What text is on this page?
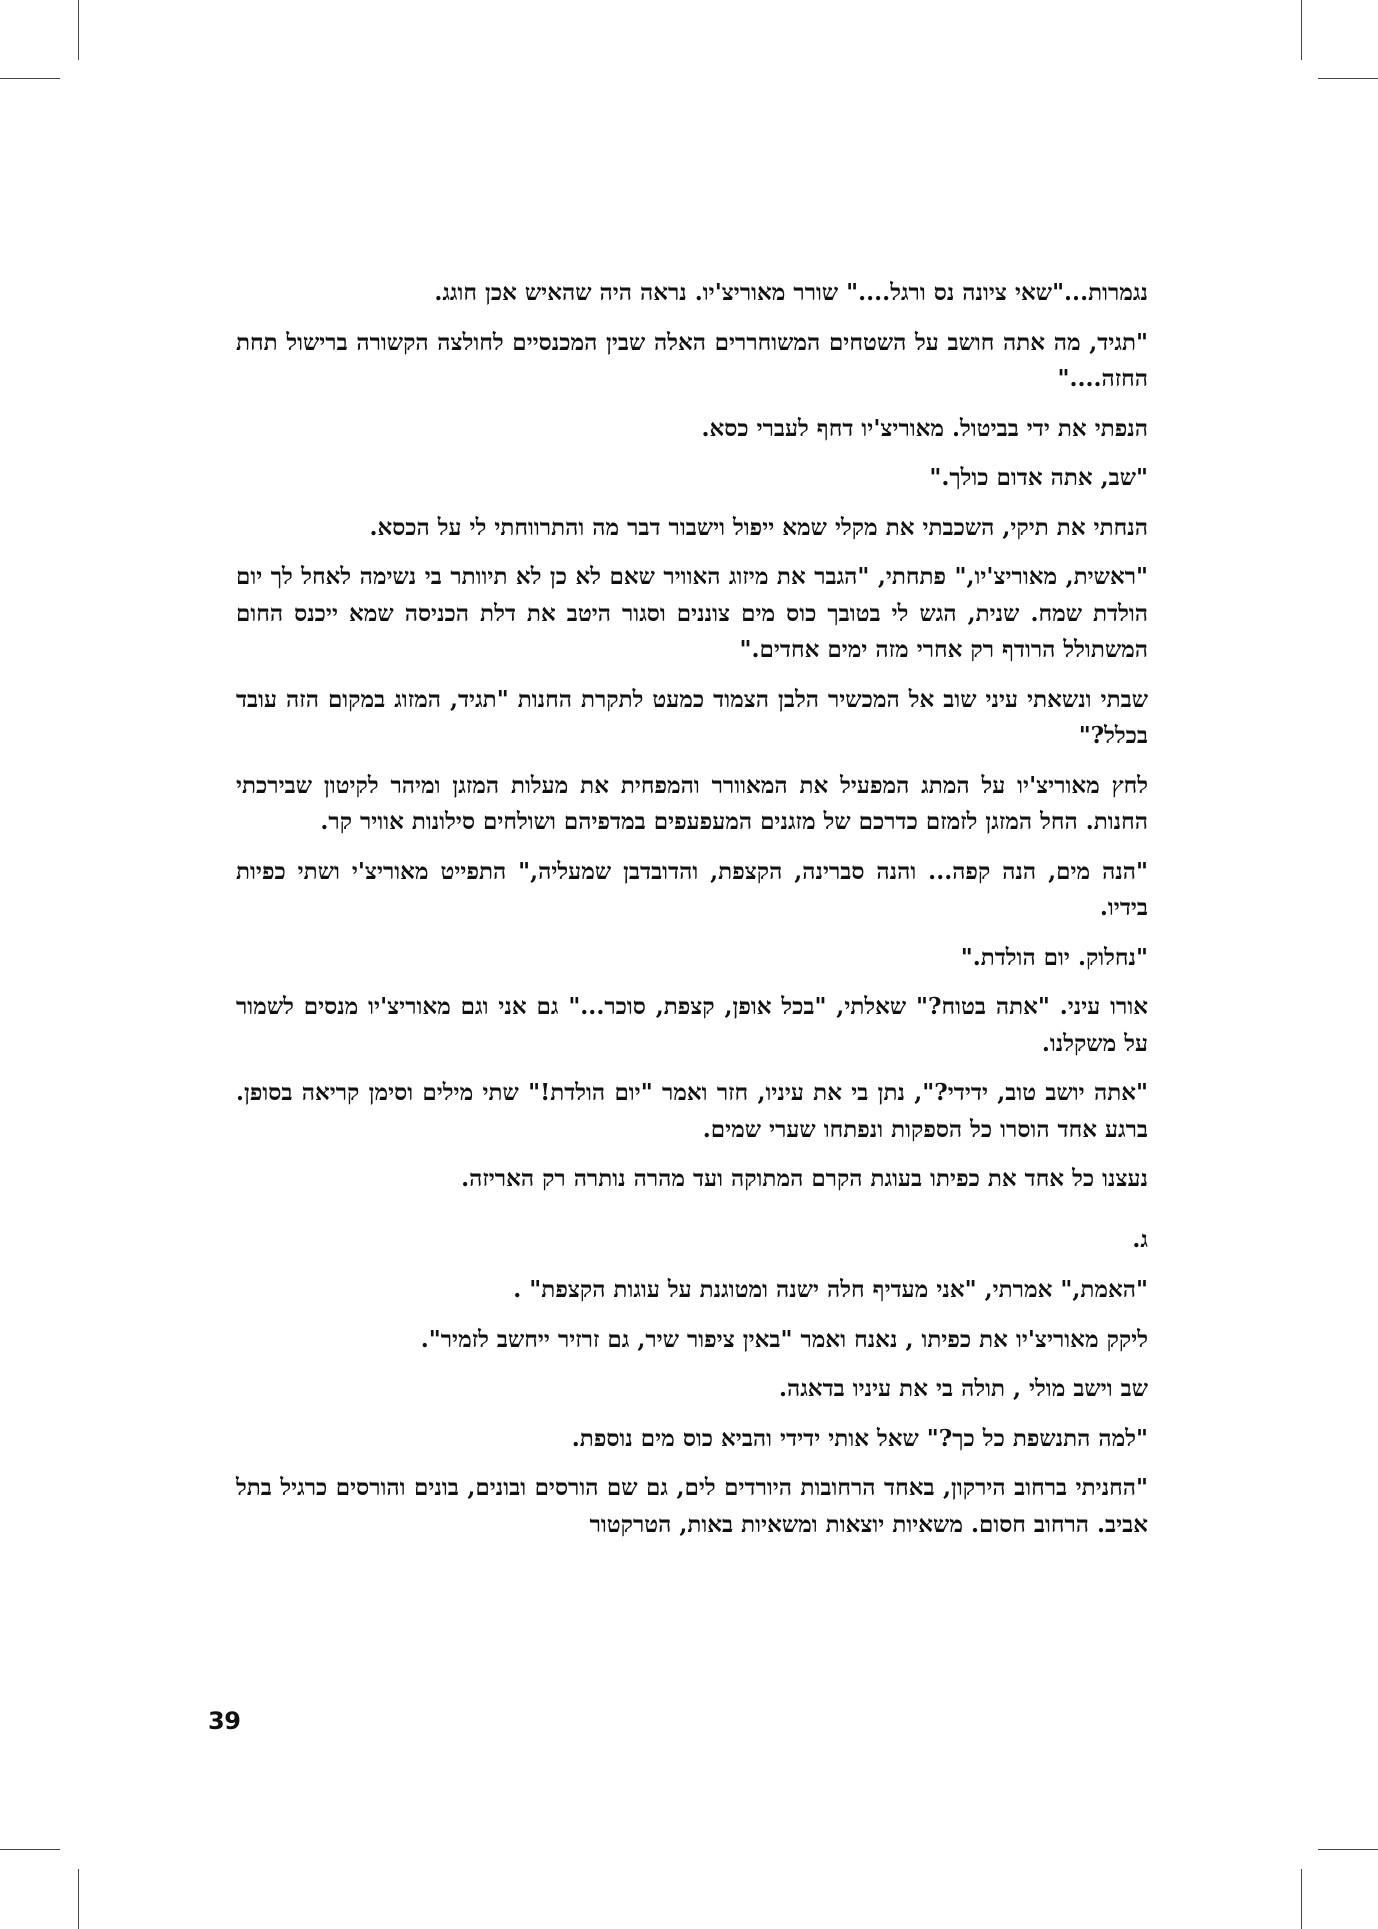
נגמרות..."שאי ציונה נס ורגל...." שורר מאוריצ'יו. נראה היה שהאיש אכן חוגג.

"תגיד, מה אתה חושב על השטחים המשוחררים האלה שבין המכנסיים לחולצה הקשורה ברישול תחת החזה...."

הנפתי את ידי בביטול. מאוריצ'יו דחף לעברי כסא.

"שב, אתה אדום כולך."

הנחתי את תיקי, השכבתי את מקלי שמא ייפול וישבור דבר מה והתרווחתי לי על הכסא.

"ראשית, מאוריצ'יו," פתחתי, "הגבר את מיזוג האוויר שאם לא כן לא תיוותר בי נשימה לאחל לך יום הולדת שמח. שנית, הגש לי בטובך כוס מים צוננים וסגור היטב את דלת הכניסה שמא ייכנס החום המשתולל הרודף רק אחרי מזה ימים אחדים."

שבתי ונשאתי עיני שוב אל המכשיר הלבן הצמוד כמעט לתקרת החנות "תגיד, המזוג במקום הזה עובד בכלל?"

לחץ מאוריצ'יו על המתג המפעיל את המאוורר והמפחית את מעלות המזגן ומיהר לקיטון שבירכתי החנות. החל המזגן לזמזם כדרכם של מזגנים המעפעפים במדפיהם ושולחים סילונות אוויר קר.

"הנה מים, הנה קפה... והנה סברינה, הקצפת, והדובדבן שמעליה," התפייט מאוריצ'י ושתי כפיות בידיו.

"נחלוק. יום הולדת."

אורו עיני. "אתה בטוח?" שאלתי, "בכל אופן, קצפת, סוכר..." גם אני וגם מאוריצ'יו מנסים לשמור על משקלנו.

"אתה יושב טוב, ידידי?", נתן בי את עיניו, חזר ואמר "יום הולדת!" שתי מילים וסימן קריאה בסופן. ברגע אחד הוסרו כל הספקות ונפתחו שערי שמים.

נעצנו כל אחד את כפיתו בעוגת הקרם המתוקה ועד מהרה נותרה רק האריזה.

ג.

"האמת," אמרתי, "אני מעדיף חלה ישנה ומטוגנת על עוגות הקצפת" .

ליקק מאוריצ'יו את כפיתו , נאנח ואמר "באין ציפור שיר, גם זרזיר ייחשב לזמיר".

שב וישב מולי , תולה בי את עיניו בדאגה.

"למה התנשפת כל כך?" שאל אותי ידידי והביא כוס מים נוספת.

"החניתי ברחוב הירקון, באחד הרחובות היורדים לים, גם שם הורסים ובונים, בונים והורסים כרגיל בתל אביב. הרחוב חסום. משאיות יוצאות ומשאיות באות, הטרקטור

39
